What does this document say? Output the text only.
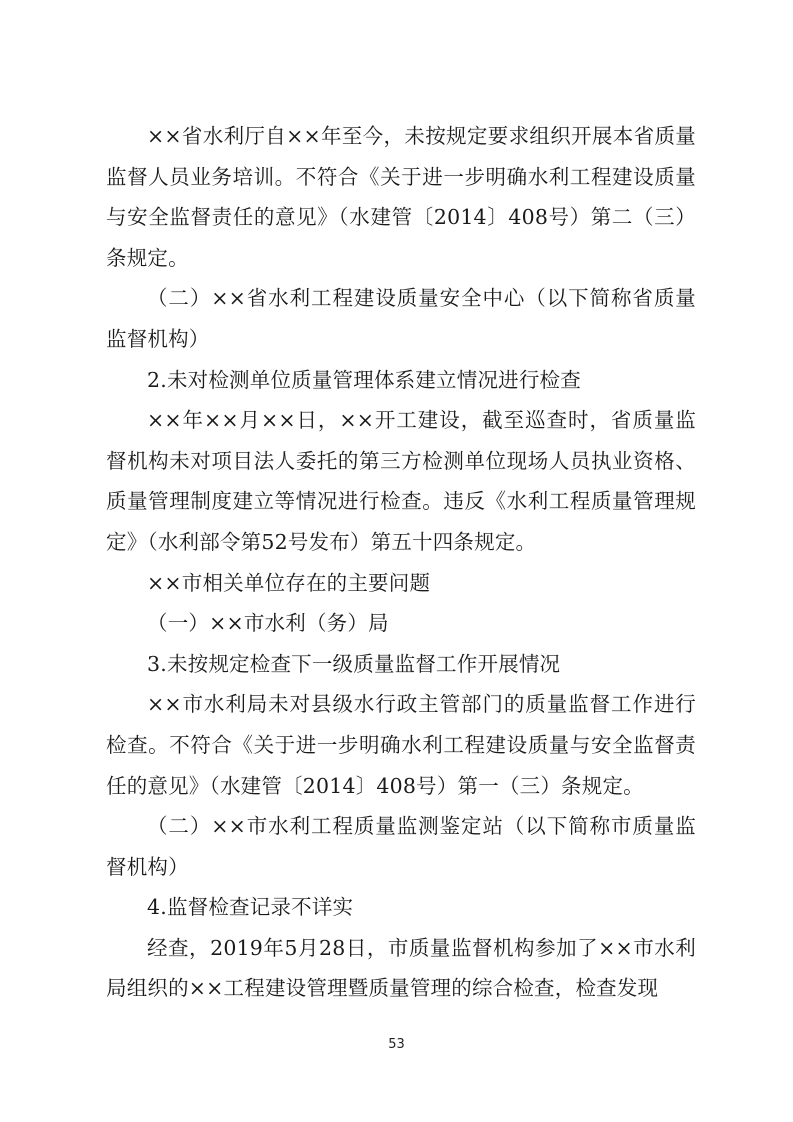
××省水利厅自××年至今，未按规定要求组织开展本省质量监督人员业务培训。不符合《关于进一步明确水利工程建设质量与安全监督责任的意见》（水建管〔2014〕408号）第二（三）条规定。

（二）××省水利工程建设质量安全中心（以下简称省质量监督机构）

2.未对检测单位质量管理体系建立情况进行检查

××年××月××日，××开工建设，截至巡查时，省质量监督机构未对项目法人委托的第三方检测单位现场人员执业资格、质量管理制度建立等情况进行检查。违反《水利工程质量管理规定》（水利部令第52号发布）第五十四条规定。

××市相关单位存在的主要问题

（一）××市水利（务）局

3.未按规定检查下一级质量监督工作开展情况

××市水利局未对县级水行政主管部门的质量监督工作进行检查。不符合《关于进一步明确水利工程建设质量与安全监督责任的意见》（水建管〔2014〕408号）第一（三）条规定。

（二）××市水利工程质量监测鉴定站（以下简称市质量监督机构）

4.监督检查记录不详实

经查，2019年5月28日，市质量监督机构参加了××市水利局组织的××工程建设管理暨质量管理的综合检查，检查发现

53
